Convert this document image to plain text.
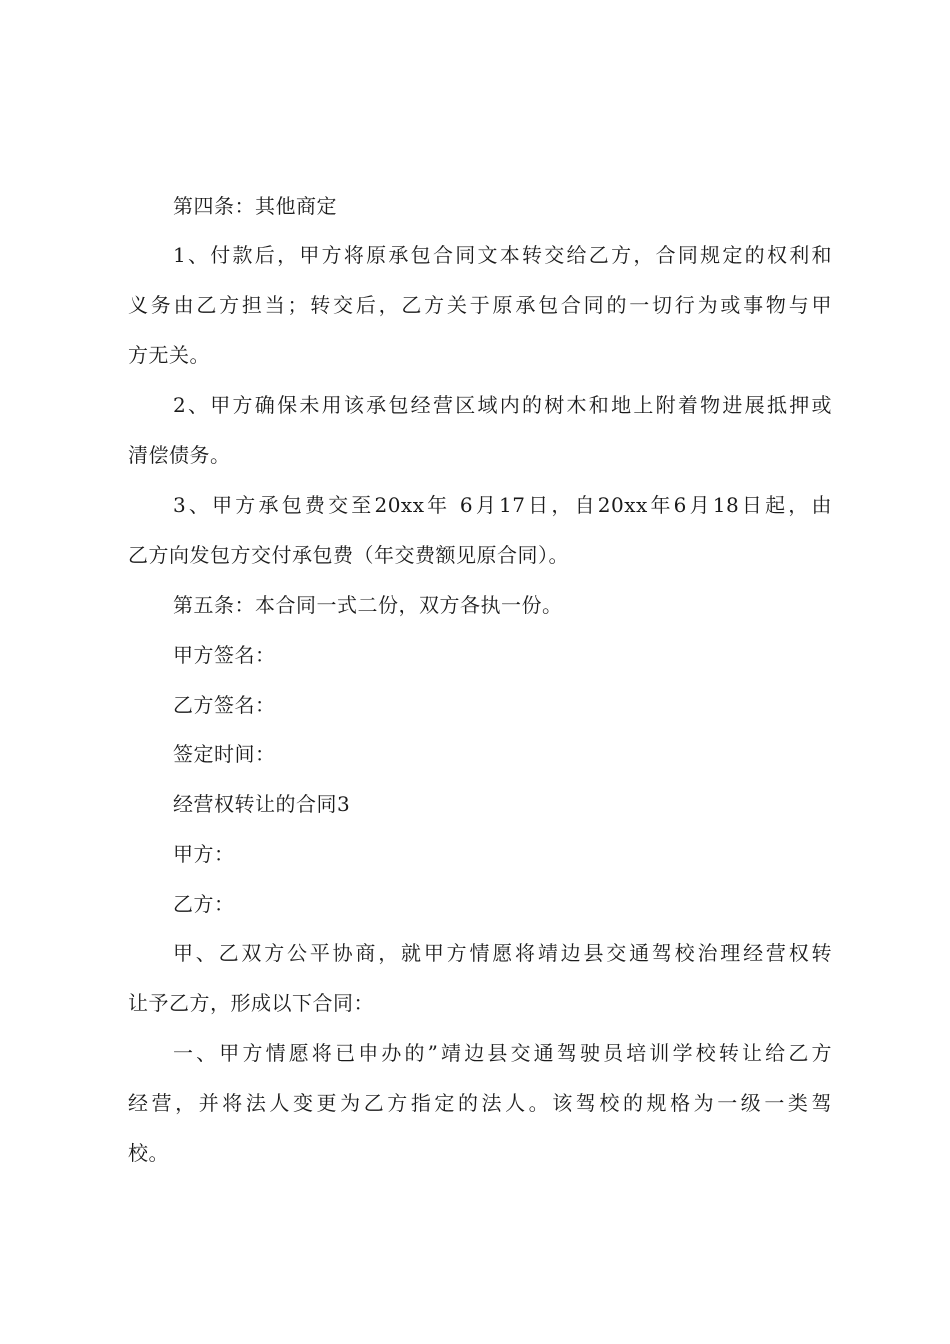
第四条：其他商定
1、付款后，甲方将原承包合同文本转交给乙方，合同规定的权利和
义务由乙方担当；转交后，乙方关于原承包合同的一切行为或事物与甲
方无关。
2、甲方确保未用该承包经营区域内的树木和地上附着物进展抵押或
清偿债务。
3、甲方承包费交至20xx年 6月17日，自20xx年6月18日起，由
乙方向发包方交付承包费（年交费额见原合同）。
第五条：本合同一式二份，双方各执一份。
甲方签名：
乙方签名：
签定时间：
经营权转让的合同3
甲方：
乙方：
甲、乙双方公平协商，就甲方情愿将靖边县交通驾校治理经营权转
让予乙方，形成以下合同：
一、甲方情愿将已申办的”靖边县交通驾驶员培训学校转让给乙方
经营，并将法人变更为乙方指定的法人。该驾校的规格为一级一类驾
校。
